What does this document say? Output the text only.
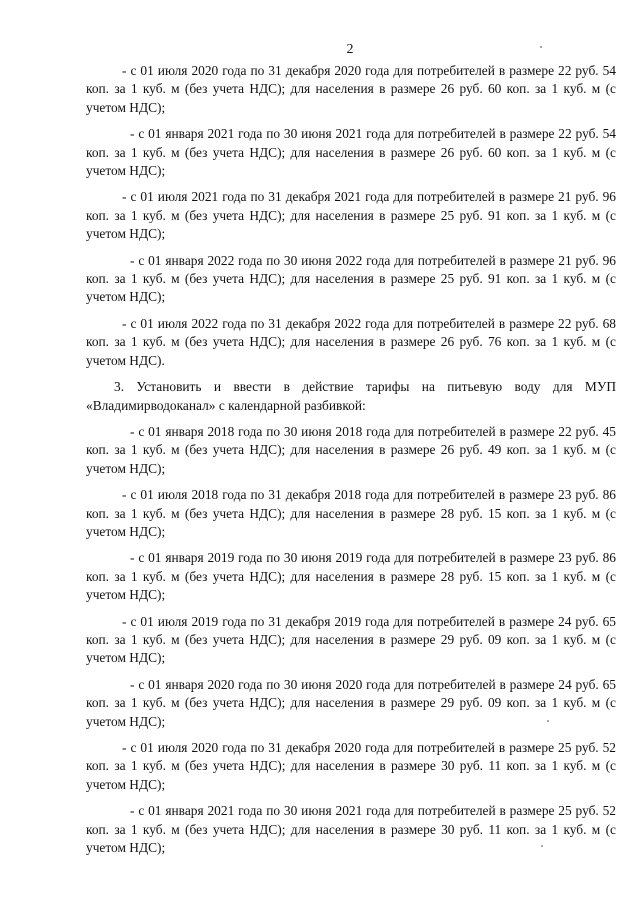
2

- с 01 июля 2020 года по 31 декабря 2020 года для потребителей в размере 22 руб. 54 коп. за 1 куб. м (без учета НДС); для населения в размере 26 руб. 60 коп. за 1 куб. м (с учетом НДС);

- с 01 января 2021 года по 30 июня 2021 года для потребителей в размере 22 руб. 54 коп. за 1 куб. м (без учета НДС); для населения в размере 26 руб. 60 коп. за 1 куб. м (с учетом НДС);

- с 01 июля 2021 года по 31 декабря 2021 года для потребителей в размере 21 руб. 96 коп. за 1 куб. м (без учета НДС); для населения в размере 25 руб. 91 коп. за 1 куб. м (с учетом НДС);

- с 01 января 2022 года по 30 июня 2022 года для потребителей в размере 21 руб. 96 коп. за 1 куб. м (без учета НДС); для населения в размере 25 руб. 91 коп. за 1 куб. м (с учетом НДС);

- с 01 июля 2022 года по 31 декабря 2022 года для потребителей в размере 22 руб. 68 коп. за 1 куб. м (без учета НДС); для населения в размере 26 руб. 76 коп. за 1 куб. м (с учетом НДС).

3. Установить и ввести в действие тарифы на питьевую воду для МУП «Владимирводоканал» с календарной разбивкой:

- с 01 января 2018 года по 30 июня 2018 года для потребителей в размере 22 руб. 45 коп. за 1 куб. м (без учета НДС); для населения в размере 26 руб. 49 коп. за 1 куб. м (с учетом НДС);

- с 01 июля 2018 года по 31 декабря 2018 года для потребителей в размере 23 руб. 86 коп. за 1 куб. м (без учета НДС); для населения в размере 28 руб. 15 коп. за 1 куб. м (с учетом НДС);

- с 01 января 2019 года по 30 июня 2019 года для потребителей в размере 23 руб. 86 коп. за 1 куб. м (без учета НДС); для населения в размере 28 руб. 15 коп. за 1 куб. м (с учетом НДС);

- с 01 июля 2019 года по 31 декабря 2019 года для потребителей в размере 24 руб. 65 коп. за 1 куб. м (без учета НДС); для населения в размере 29 руб. 09 коп. за 1 куб. м (с учетом НДС);

- с 01 января 2020 года по 30 июня 2020 года для потребителей в размере 24 руб. 65 коп. за 1 куб. м (без учета НДС); для населения в размере 29 руб. 09 коп. за 1 куб. м (с учетом НДС);

- с 01 июля 2020 года по 31 декабря 2020 года для потребителей в размере 25 руб. 52 коп. за 1 куб. м (без учета НДС); для населения в размере 30 руб. 11 коп. за 1 куб. м (с учетом НДС);

- с 01 января 2021 года по 30 июня 2021 года для потребителей в размере 25 руб. 52 коп. за 1 куб. м (без учета НДС); для населения в размере 30 руб. 11 коп. за 1 куб. м (с учетом НДС);
